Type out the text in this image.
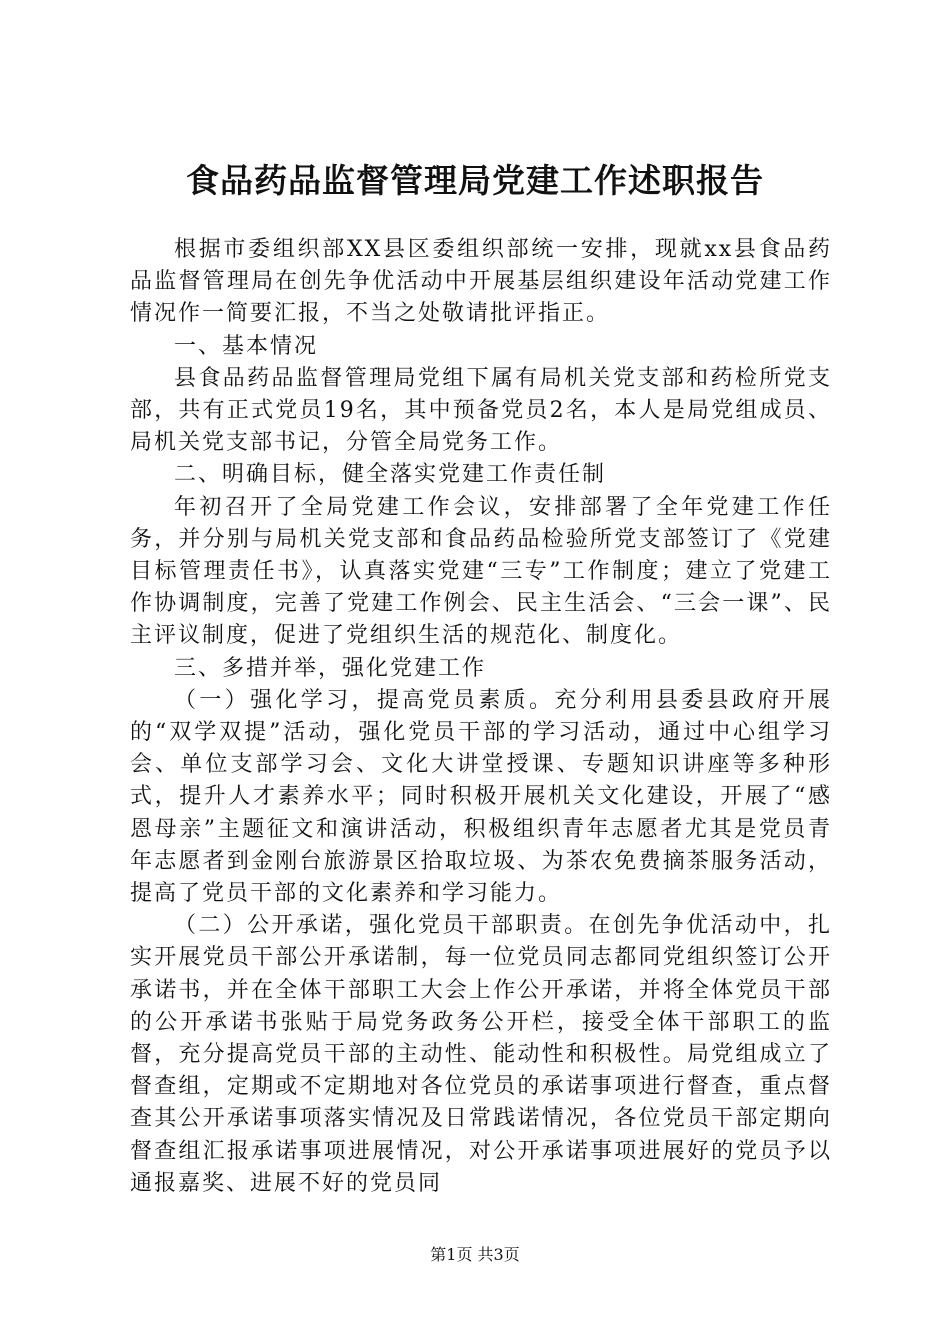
食品药品监督管理局党建工作述职报告

根据市委组织部XX县区委组织部统一安排，现就xx县食品药品监督管理局在创先争优活动中开展基层组织建设年活动党建工作情况作一简要汇报，不当之处敬请批评指正。

一、基本情况

县食品药品监督管理局党组下属有局机关党支部和药检所党支部，共有正式党员19名，其中预备党员2名，本人是局党组成员、局机关党支部书记，分管全局党务工作。

二、明确目标，健全落实党建工作责任制

年初召开了全局党建工作会议，安排部署了全年党建工作任务，并分别与局机关党支部和食品药品检验所党支部签订了《党建目标管理责任书》，认真落实党建“三专”工作制度；建立了党建工作协调制度，完善了党建工作例会、民主生活会、“三会一课”、民主评议制度，促进了党组织生活的规范化、制度化。

三、多措并举，强化党建工作

（一）强化学习，提高党员素质。充分利用县委县政府开展的“双学双提”活动，强化党员干部的学习活动，通过中心组学习会、单位支部学习会、文化大讲堂授课、专题知识讲座等多种形式，提升人才素养水平；同时积极开展机关文化建设，开展了“感恩母亲”主题征文和演讲活动，积极组织青年志愿者尤其是党员青年志愿者到金刚台旅游景区拾取垃圾、为茶农免费摘茶服务活动，提高了党员干部的文化素养和学习能力。

（二）公开承诺，强化党员干部职责。在创先争优活动中，扎实开展党员干部公开承诺制，每一位党员同志都同党组织签订公开承诺书，并在全体干部职工大会上作公开承诺，并将全体党员干部的公开承诺书张贴于局党务政务公开栏，接受全体干部职工的监督，充分提高党员干部的主动性、能动性和积极性。局党组成立了督查组，定期或不定期地对各位党员的承诺事项进行督查，重点督查其公开承诺事项落实情况及日常践诺情况，各位党员干部定期向督查组汇报承诺事项进展情况，对公开承诺事项进展好的党员予以通报嘉奖、进展不好的党员同

第1页 共3页
